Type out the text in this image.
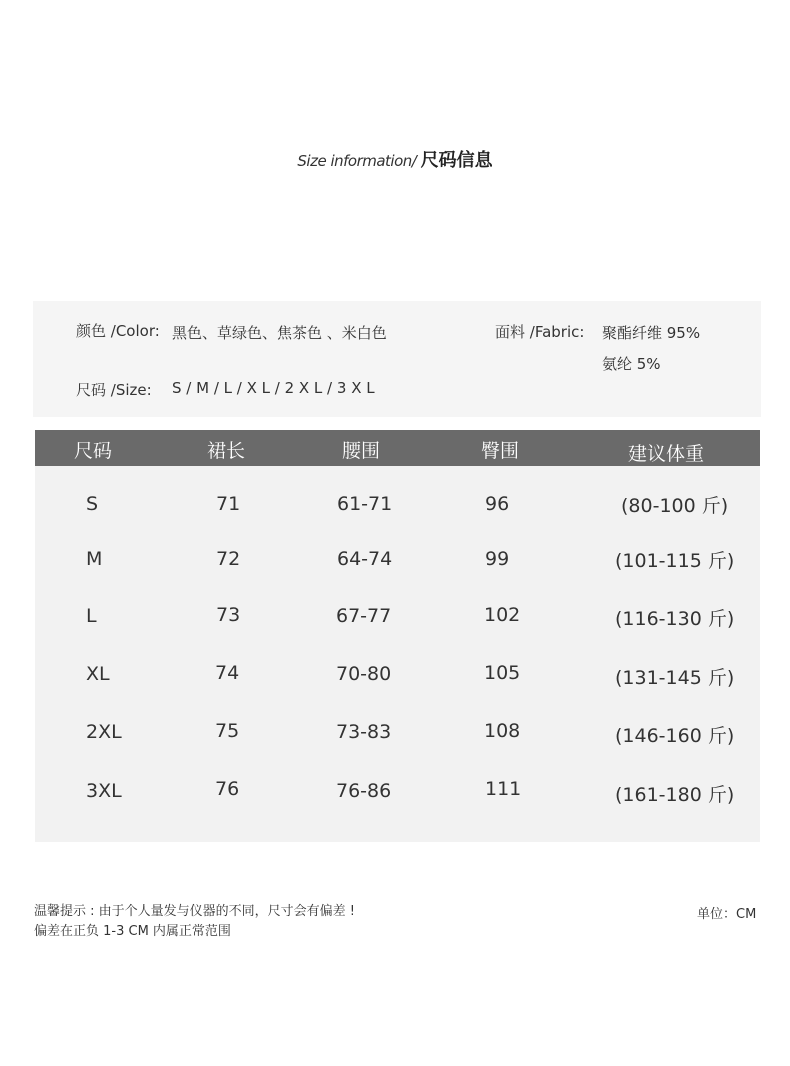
Size information/ 尺码信息
颜色 /Color: 黑色、草绿色、焦茶色 、米白色
尺码 /Size: S / M / L / X L / 2 X L / 3 X L
面料 /Fabric: 聚酯纤维 95%
氨纶 5%
尺码	裙长	腰围	臀围	建议体重
S	71	61-71	96	(80-100 斤)
M	72	64-74	99	(101-115 斤)
L	73	67-77	102	(116-130 斤)
XL	74	70-80	105	(131-145 斤)
2XL	75	73-83	108	(146-160 斤)
3XL	76	76-86	111	(161-180 斤)
温馨提示 : 由于个人量发与仪器的不同，尺寸会有偏差 !
偏差在正负 1-3 CM 内属正常范围
单位：CM
